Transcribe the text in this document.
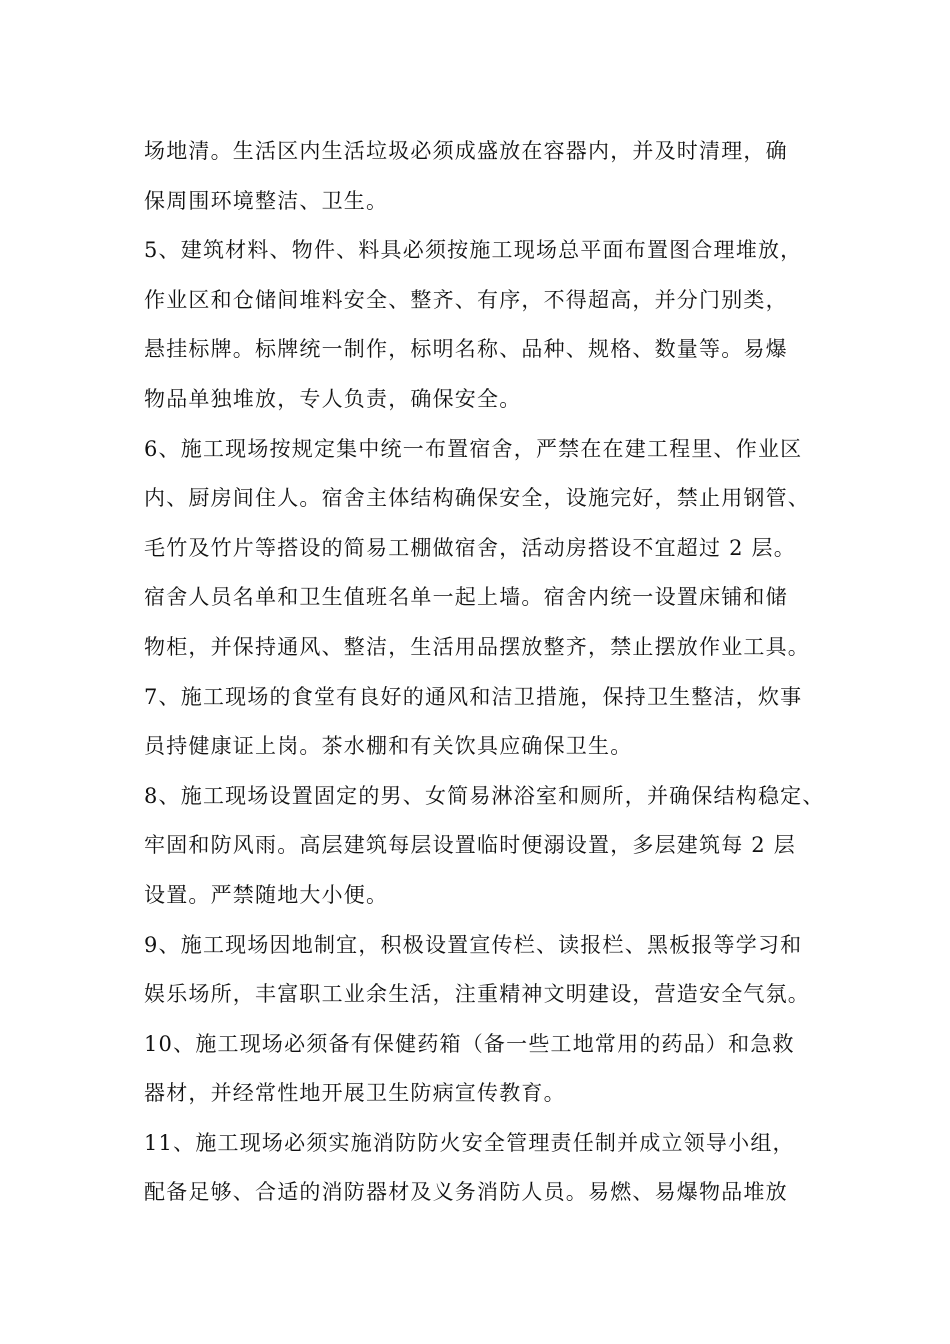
场地清。生活区内生活垃圾必须成盛放在容器内，并及时清理，确
保周围环境整洁、卫生。
5、建筑材料、物件、料具必须按施工现场总平面布置图合理堆放，
作业区和仓储间堆料安全、整齐、有序，不得超高，并分门别类，
悬挂标牌。标牌统一制作，标明名称、品种、规格、数量等。易爆
物品单独堆放，专人负责，确保安全。
6、施工现场按规定集中统一布置宿舍，严禁在在建工程里、作业区
内、厨房间住人。宿舍主体结构确保安全，设施完好，禁止用钢管、
毛竹及竹片等搭设的简易工棚做宿舍，活动房搭设不宜超过 2 层。
宿舍人员名单和卫生值班名单一起上墙。宿舍内统一设置床铺和储
物柜，并保持通风、整洁，生活用品摆放整齐，禁止摆放作业工具。
7、施工现场的食堂有良好的通风和洁卫措施，保持卫生整洁，炊事
员持健康证上岗。茶水棚和有关饮具应确保卫生。
8、施工现场设置固定的男、女简易淋浴室和厕所，并确保结构稳定、
牢固和防风雨。高层建筑每层设置临时便溺设置，多层建筑每 2 层
设置。严禁随地大小便。
9、施工现场因地制宜，积极设置宣传栏、读报栏、黑板报等学习和
娱乐场所，丰富职工业余生活，注重精神文明建设，营造安全气氛。
10、施工现场必须备有保健药箱（备一些工地常用的药品）和急救
器材，并经常性地开展卫生防病宣传教育。
11、施工现场必须实施消防防火安全管理责任制并成立领导小组，
配备足够、合适的消防器材及义务消防人员。易燃、易爆物品堆放
